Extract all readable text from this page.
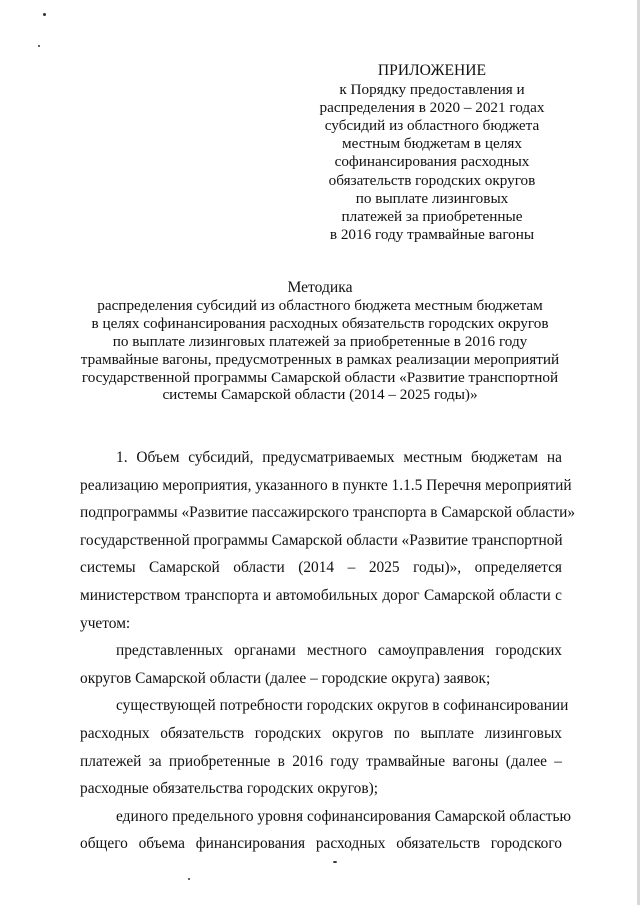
ПРИЛОЖЕНИЕ
к Порядку предоставления и
распределения в 2020 – 2021 годах
субсидий из областного бюджета
местным бюджетам в целях
софинансирования расходных
обязательств городских округов
по выплате лизинговых
платежей за приобретенные
в 2016 году трамвайные вагоны
Методика
распределения субсидий из областного бюджета местным бюджетам
в целях софинансирования расходных обязательств городских округов
по выплате лизинговых платежей за приобретенные в 2016 году
трамвайные вагоны, предусмотренных в рамках реализации мероприятий
государственной программы Самарской области «Развитие транспортной
системы Самарской области (2014 – 2025 годы)»
1. Объем субсидий, предусматриваемых местным бюджетам на
реализацию мероприятия, указанного в пункте 1.1.5 Перечня мероприятий
подпрограммы «Развитие пассажирского транспорта в Самарской области»
государственной программы Самарской области «Развитие транспортной
системы Самарской области (2014 – 2025 годы)», определяется
министерством транспорта и автомобильных дорог Самарской области с
учетом:
представленных органами местного самоуправления городских
округов Самарской области (далее – городские округа) заявок;
существующей потребности городских округов в софинансировании
расходных обязательств городских округов по выплате лизинговых
платежей за приобретенные в 2016 году трамвайные вагоны (далее –
расходные обязательства городских округов);
единого предельного уровня софинансирования Самарской областью
общего объема финансирования расходных обязательств городского
